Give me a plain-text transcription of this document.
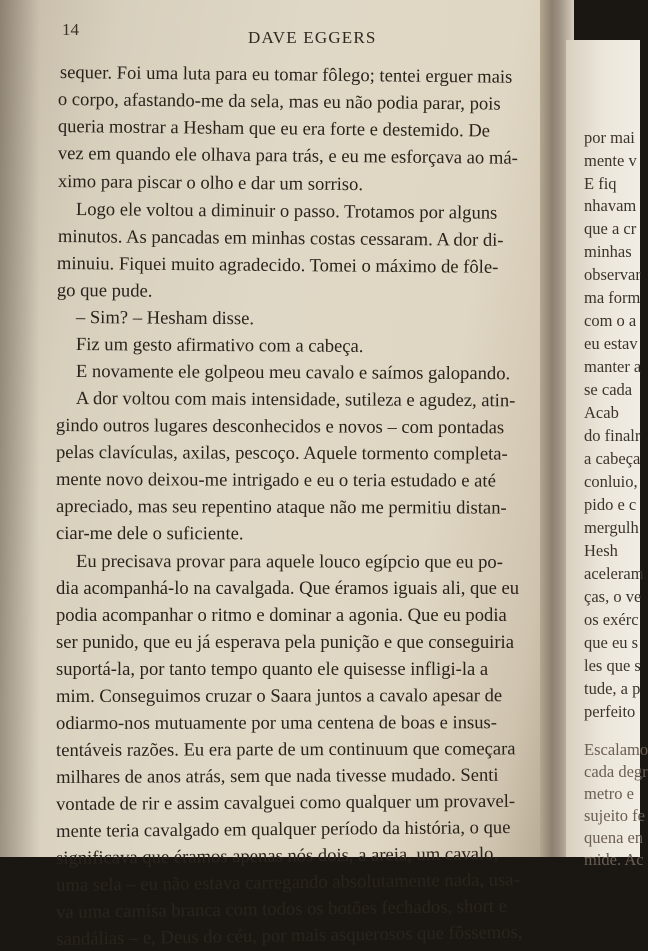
14	DAVE EGGERS
sequer. Foi uma luta para eu tomar fôlego; tentei erguer mais
o corpo, afastando-me da sela, mas eu não podia parar, pois
queria mostrar a Hesham que eu era forte e destemido. De
vez em quando ele olhava para trás, e eu me esforçava ao má-
ximo para piscar o olho e dar um sorriso.
Logo ele voltou a diminuir o passo. Trotamos por alguns
minutos. As pancadas em minhas costas cessaram. A dor di-
minuiu. Fiquei muito agradecido. Tomei o máximo de fôle-
go que pude.
– Sim? – Hesham disse.
Fiz um gesto afirmativo com a cabeça.
E novamente ele golpeou meu cavalo e saímos galopando.
A dor voltou com mais intensidade, sutileza e agudez, atin-
gindo outros lugares desconhecidos e novos – com pontadas
pelas clavículas, axilas, pescoço. Aquele tormento completa-
mente novo deixou-me intrigado e eu o teria estudado e até
apreciado, mas seu repentino ataque não me permitiu distan-
ciar-me dele o suficiente.
Eu precisava provar para aquele louco egípcio que eu po-
dia acompanhá-lo na cavalgada. Que éramos iguais ali, que eu
podia acompanhar o ritmo e dominar a agonia. Que eu podia
ser punido, que eu já esperava pela punição e que conseguiria
suportá-la, por tanto tempo quanto ele quisesse infligi-la a
mim. Conseguimos cruzar o Saara juntos a cavalo apesar de
odiarmo-nos mutuamente por uma centena de boas e insus-
tentáveis razões. Eu era parte de um continuum que começara
milhares de anos atrás, sem que nada tivesse mudado. Senti
vontade de rir e assim cavalguei como qualquer um provavel-
mente teria cavalgado em qualquer período da história, o que
significava que éramos apenas nós dois, a areia, um cavalo,
uma sela – eu não estava carregando absolutamente nada, usa-
va uma camisa branca com todos os botões fechados, short e
sandálias – e, Deus do céu, por mais asquerosos que fôssemos,
por mai
mente v
E fiq
nhavam
que a cr
minhas
observar
ma form
com o a
eu estav
manter a
se cada
Acab
do finalr
a cabeça
conluio,
pido e c
mergulh
Hesh
aceleram
ças, o ve
os exérc
que eu s
les que s
tude, a p
perfeito
Escalamo
cada degr
metro e
sujeito fe
quena en
mide. Ac
